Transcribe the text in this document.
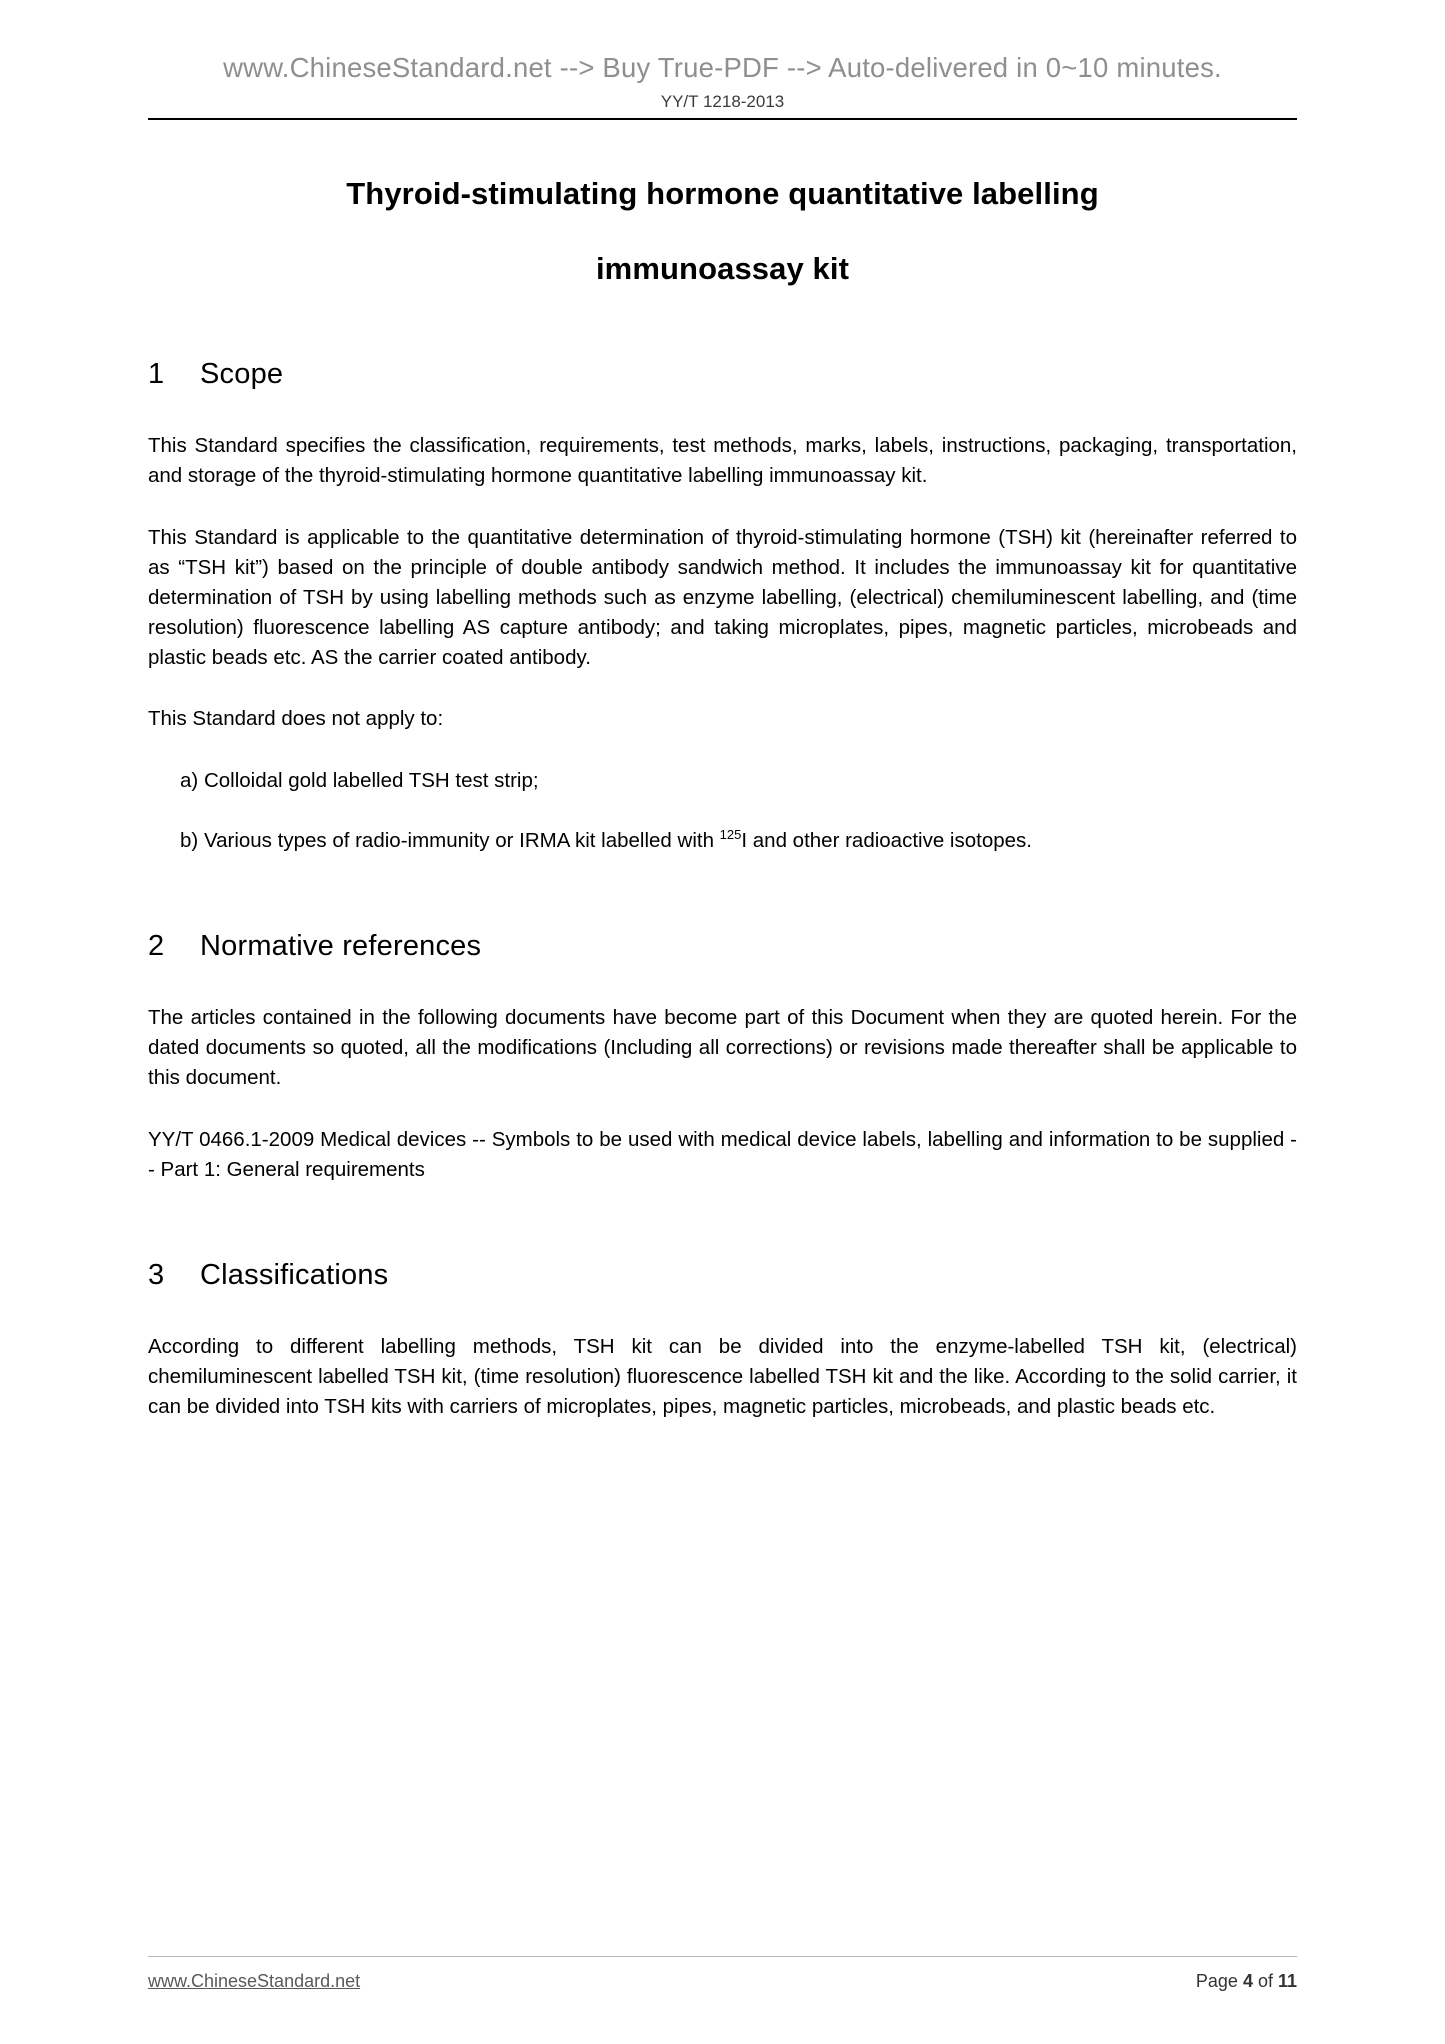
www.ChineseStandard.net --> Buy True-PDF --> Auto-delivered in 0~10 minutes.
YY/T 1218-2013
Thyroid-stimulating hormone quantitative labelling
immunoassay kit
1	Scope

This Standard specifies the classification, requirements, test methods, marks, labels, instructions, packaging, transportation, and storage of the thyroid-stimulating hormone quantitative labelling immunoassay kit.

This Standard is applicable to the quantitative determination of thyroid-stimulating hormone (TSH) kit (hereinafter referred to as “TSH kit”) based on the principle of double antibody sandwich method. It includes the immunoassay kit for quantitative determination of TSH by using labelling methods such as enzyme labelling, (electrical) chemiluminescent labelling, and (time resolution) fluorescence labelling AS capture antibody; and taking microplates, pipes, magnetic particles, microbeads and plastic beads etc. AS the carrier coated antibody.

This Standard does not apply to:

a) Colloidal gold labelled TSH test strip;
b) Various types of radio-immunity or IRMA kit labelled with $^{125}$I and other radioactive isotopes.
2	Normative references

The articles contained in the following documents have become part of this Document when they are quoted herein. For the dated documents so quoted, all the modifications (Including all corrections) or revisions made thereafter shall be applicable to this document.

YY/T 0466.1-2009 Medical devices -- Symbols to be used with medical device labels, labelling and information to be supplied -- Part 1: General requirements

3	Classifications

According to different labelling methods, TSH kit can be divided into the enzyme-labelled TSH kit, (electrical) chemiluminescent labelled TSH kit, (time resolution) fluorescence labelled TSH kit and the like. According to the solid carrier, it can be divided into TSH kits with carriers of microplates, pipes, magnetic particles, microbeads, and plastic beads etc.

www.ChineseStandard.net	Page 4 of 11
